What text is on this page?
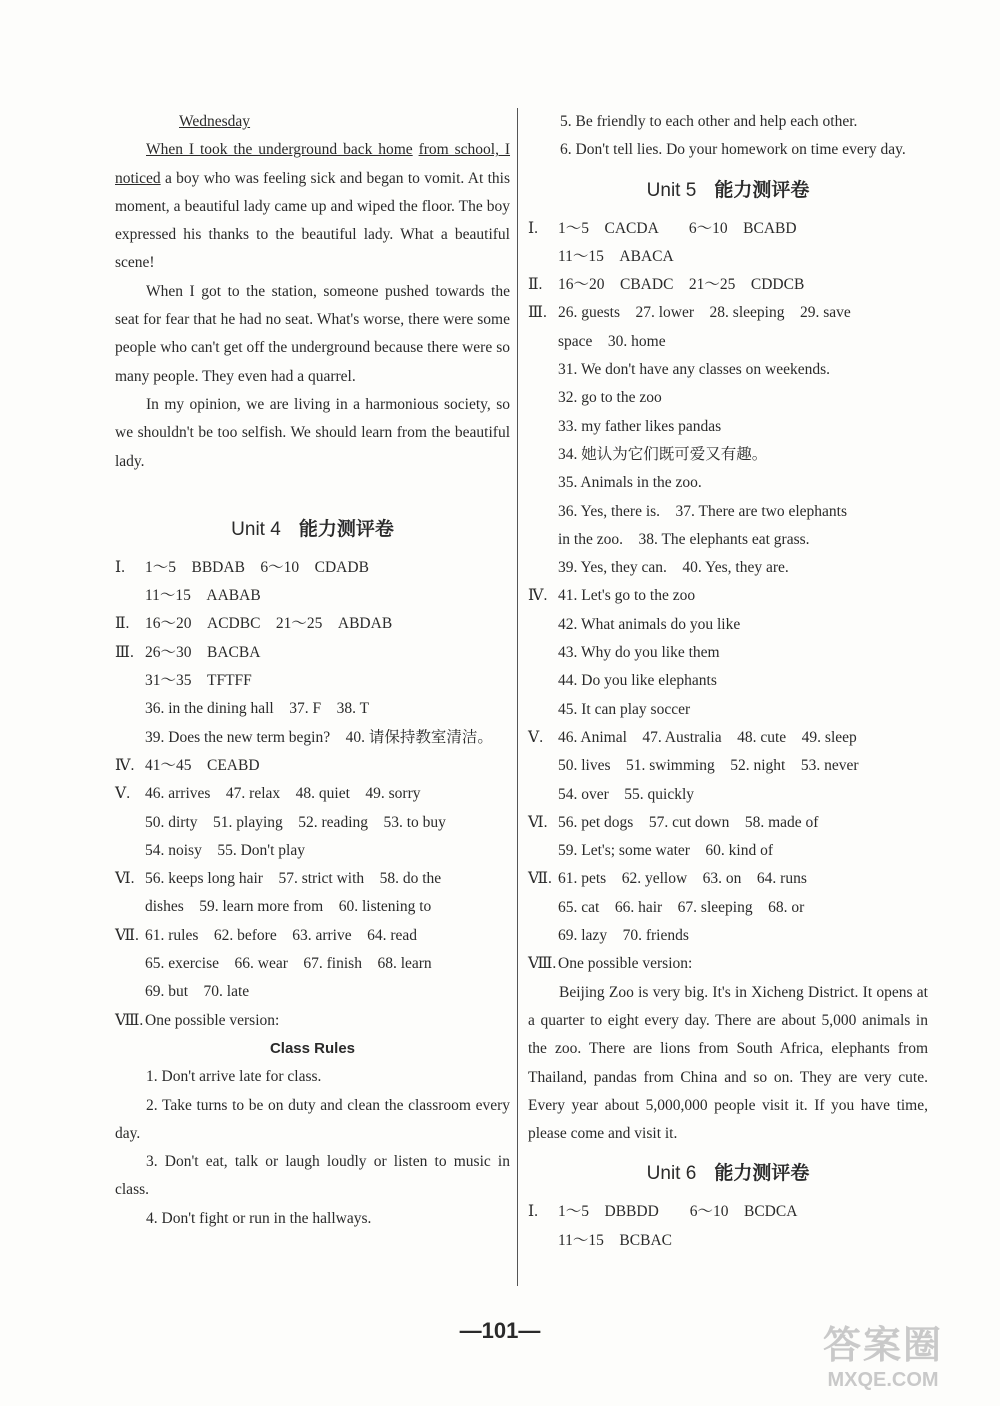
Wednesday
When I took the underground back home from school, I noticed a boy who was feeling sick and began to vomit. At this moment, a beautiful lady came up and wiped the floor. The boy expressed his thanks to the beautiful lady. What a beautiful scene!
When I got to the station, someone pushed towards the seat for fear that he had no seat. What's worse, there were some people who can't get off the underground because there were so many people. They even had a quarrel.
In my opinion, we are living in a harmonious society, so we shouldn't be too selfish. We should learn from the beautiful lady.
Unit 4 能力测评卷
Ⅰ.	1～5　BBDAB　6～10　CDADB
11～15　AABAB
Ⅱ.	16～20　ACDBC　21～25　ABDAB
Ⅲ. 26～30　BACBA
31～35　TFTFF
36. in the dining hall　37. F　38. T
39. Does the new term begin?　40. 请保持教室清洁。
Ⅳ. 41～45　CEABD
Ⅴ. 46. arrives　47. relax　48. quiet　49. sorry
50. dirty　51. playing　52. reading　53. to buy
54. noisy　55. Don't play
Ⅵ. 56. keeps long hair　57. strict with　58. do the
dishes　59. learn more from　60. listening to
Ⅶ. 61. rules　62. before　63. arrive　64. read
65. exercise　66. wear　67. finish　68. learn
69. but　70. late
Ⅷ. One possible version:
Class Rules
1. Don't arrive late for class.
2. Take turns to be on duty and clean the classroom every day.
3. Don't eat, talk or laugh loudly or listen to music in class.
4. Don't fight or run in the hallways.
5. Be friendly to each other and help each other.
6. Don't tell lies. Do your homework on time every day.
Unit 5 能力测评卷
Ⅰ.	1～5　CACDA　　6～10　BCABD
11～15　ABACA
Ⅱ.	16～20　CBADC　21～25　CDDCB
Ⅲ. 26. guests　27. lower　28. sleeping　29. save
space　30. home
31. We don't have any classes on weekends.
32. go to the zoo
33. my father likes pandas
34. 她认为它们既可爱又有趣。
35. Animals in the zoo.
36. Yes, there is.　37. There are two elephants
in the zoo.　38. The elephants eat grass.
39. Yes, they can.　40. Yes, they are.
Ⅳ. 41. Let's go to the zoo
42. What animals do you like
43. Why do you like them
44. Do you like elephants
45. It can play soccer
Ⅴ. 46. Animal　47. Australia　48. cute　49. sleep
50. lives　51. swimming　52. night　53. never
54. over　55. quickly
Ⅵ. 56. pet dogs　57. cut down　58. made of
59. Let's; some water　60. kind of
Ⅶ. 61. pets　62. yellow　63. on　64. runs
65. cat　66. hair　67. sleeping　68. or
69. lazy　70. friends
Ⅷ. One possible version:
Beijing Zoo is very big. It's in Xicheng District. It opens at a quarter to eight every day. There are about 5,000 animals in the zoo. There are lions from South Africa, elephants from Thailand, pandas from China and so on. They are very cute. Every year about 5,000,000 people visit it. If you have time, please come and visit it.
Unit 6 能力测评卷
Ⅰ.	1～5　DBBDD　　6～10　BCDCA
11～15　BCBAC
—101—	答案圈
MXQE.COM
